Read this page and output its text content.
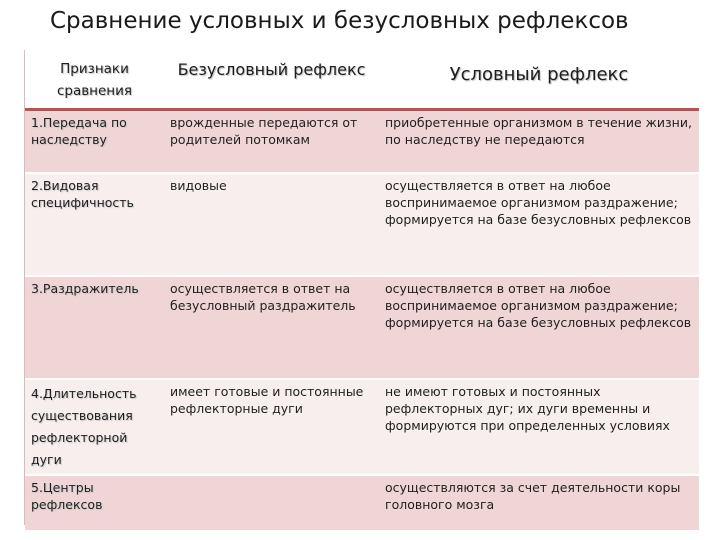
Сравнение условных и безусловных рефлексов
Признаки сравнения	Безусловный рефлекс	Условный рефлекс
1.Передача по наследству	врожденные передаются от родителей потомкам	приобретенные организмом в течение жизни, по наследству не передаются
2.Видовая специфичность	видовые	осуществляется в ответ на любое воспринимаемое организмом раздражение; формируется на базе безусловных рефлексов
3.Раздражитель	осуществляется в ответ на безусловный раздражитель	осуществляется в ответ на любое воспринимаемое организмом раздражение; формируется на базе безусловных рефлексов
4.Длительность существования рефлекторной дуги	имеет готовые и постоянные рефлекторные дуги	не имеют готовых и постоянных рефлекторных дуг; их дуги временны и формируются при определенных условиях
5.Центры рефлексов		осуществляются за счет деятельности коры головного мозга
